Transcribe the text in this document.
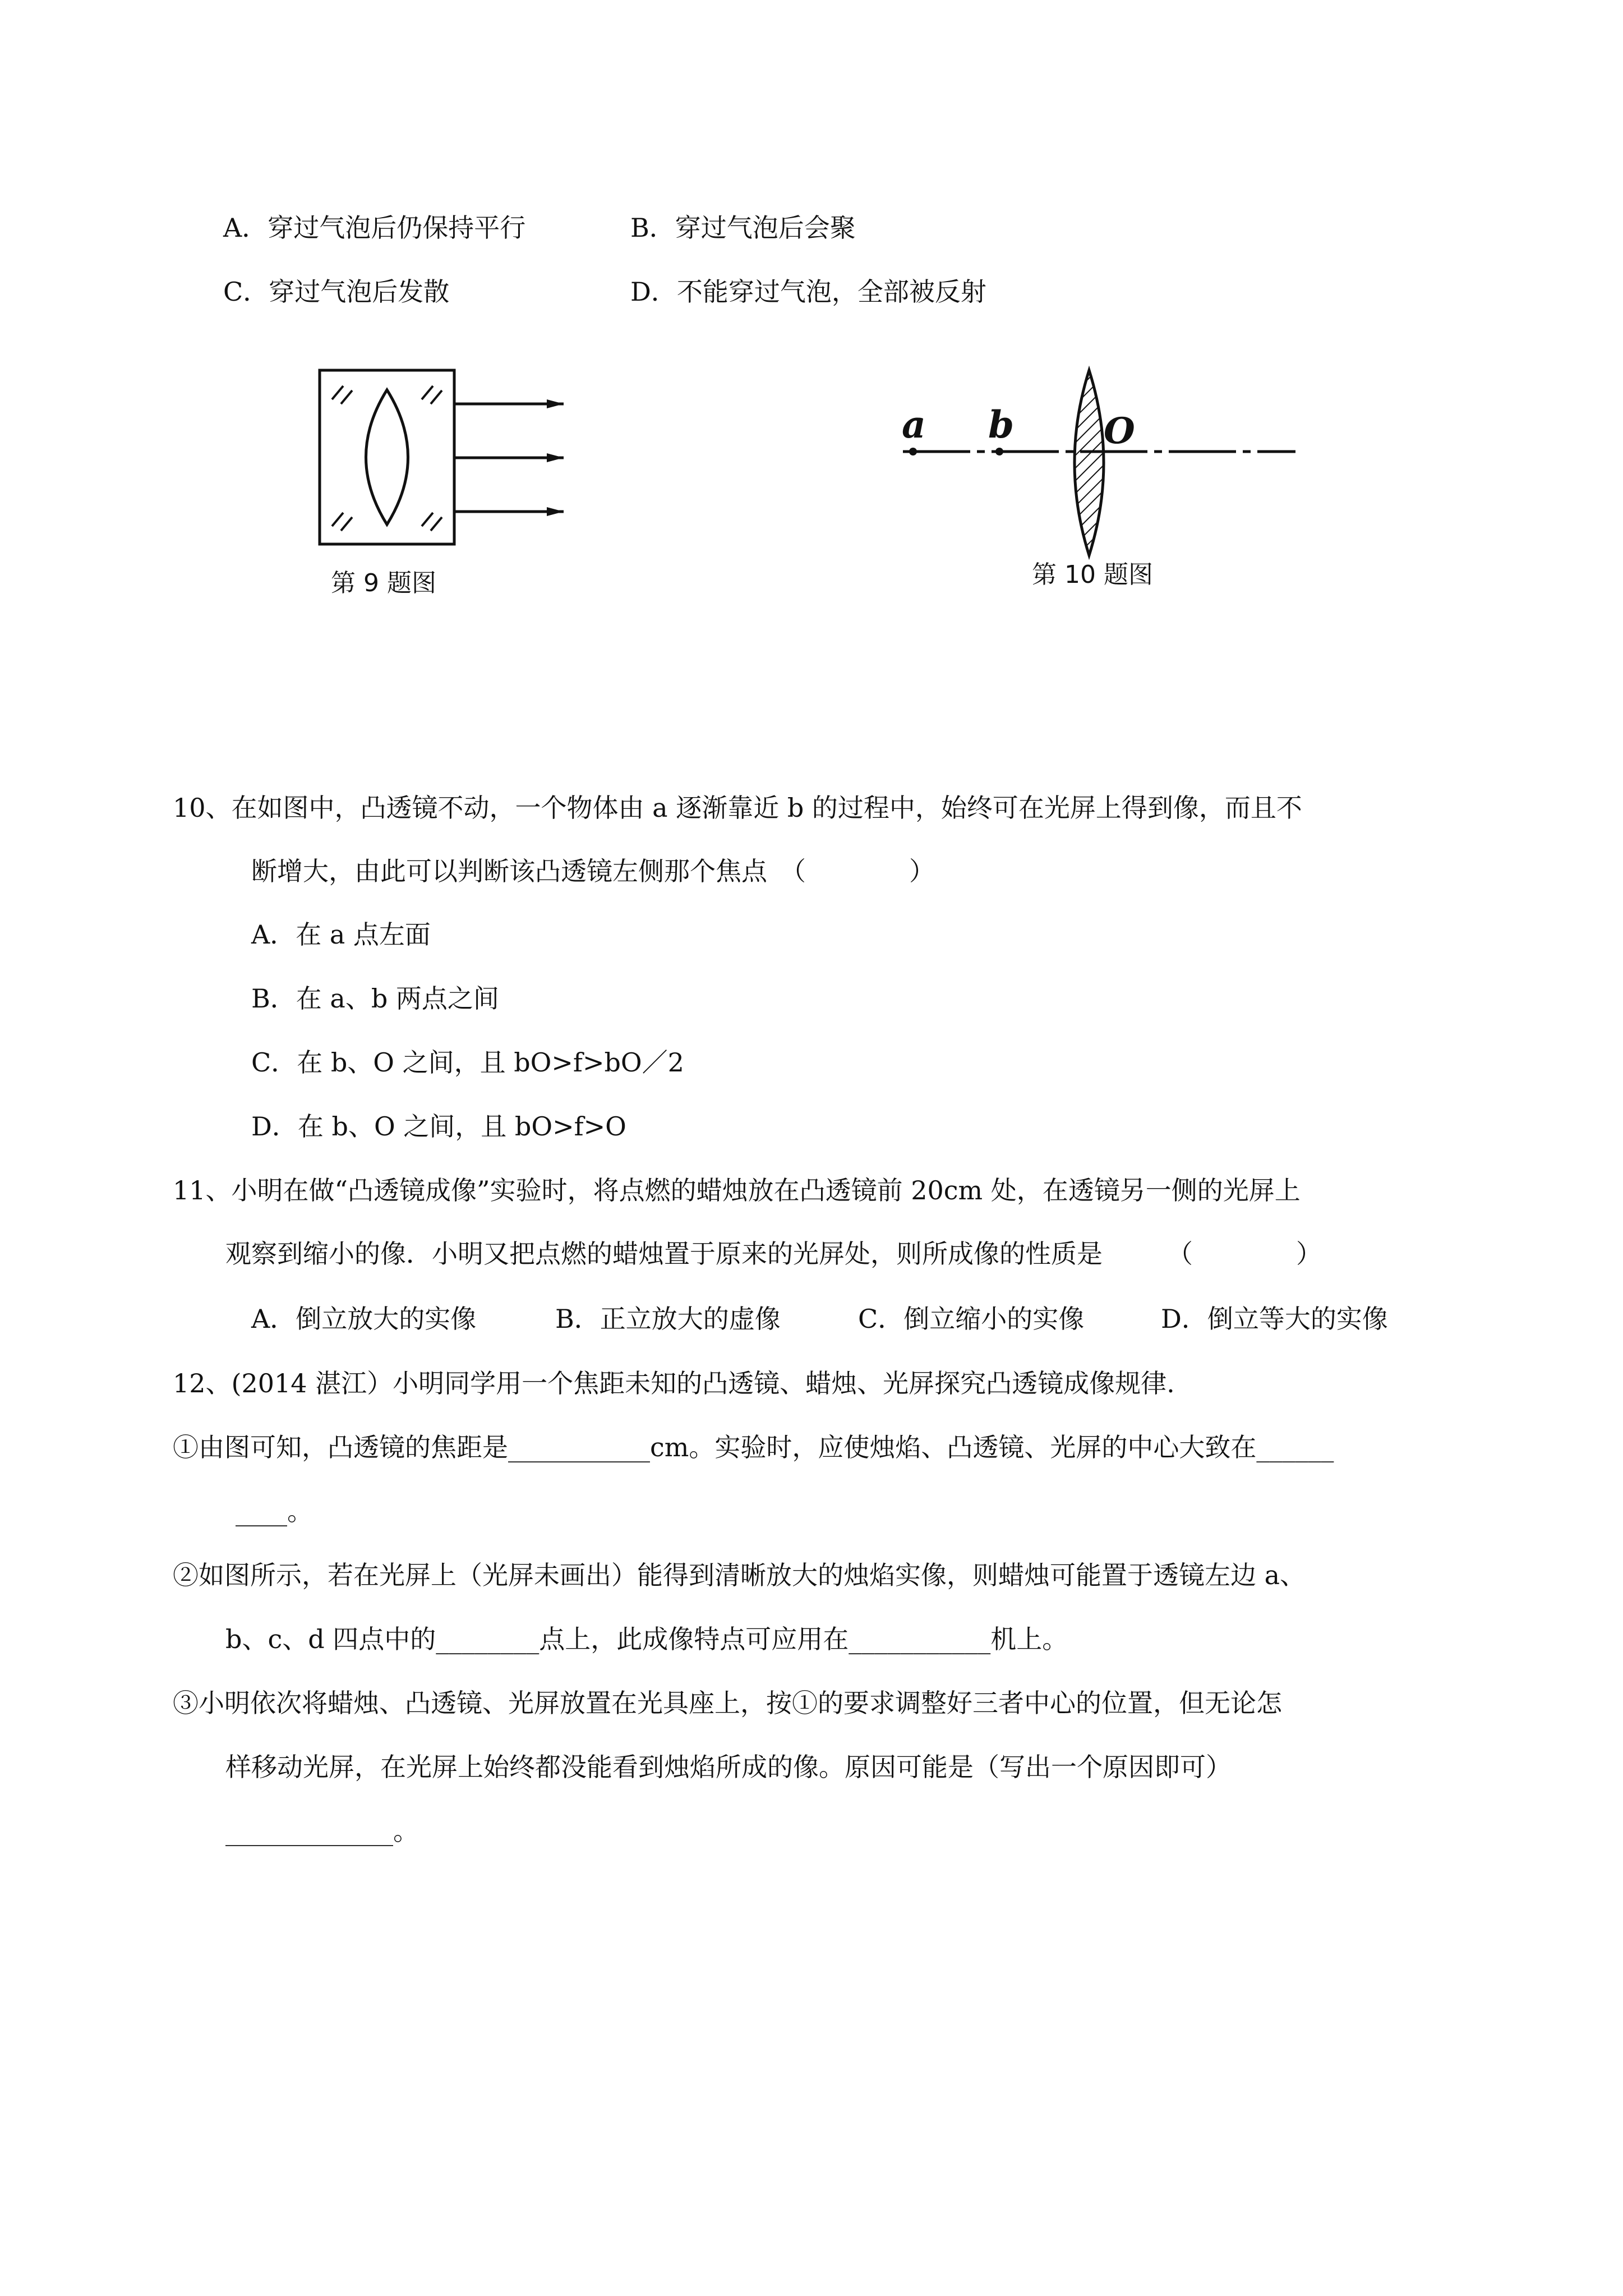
A．穿过气泡后仍保持平行	B．穿过气泡后会聚
C．穿过气泡后发散	D．不能穿过气泡，全部被反射
第 9 题图
a b O
第 10 题图
10、在如图中，凸透镜不动，一个物体由 a 逐渐靠近 b 的过程中，始终可在光屏上得到像，而且不
断增大，由此可以判断该凸透镜左侧那个焦点　（　　　　）
A．在 a 点左面
B．在 a、b 两点之间
C．在 b、O 之间，且 bO>f>bO／2
D．在 b、O 之间，且 bO>f>O
11、小明在做“凸透镜成像”实验时，将点燃的蜡烛放在凸透镜前 20cm 处，在透镜另一侧的光屏上
观察到缩小的像．小明又把点燃的蜡烛置于原来的光屏处，则所成像的性质是　　　（　　　　）
A．倒立放大的实像	B．正立放大的虚像	C．倒立缩小的实像	D．倒立等大的实像
12、(2014 湛江）小明同学用一个焦距未知的凸透镜、蜡烛、光屏探究凸透镜成像规律.
①由图可知，凸透镜的焦距是___________cm。实验时，应使烛焰、凸透镜、光屏的中心大致在______
____。
②如图所示，若在光屏上（光屏未画出）能得到清晰放大的烛焰实像，则蜡烛可能置于透镜左边 a、
b、c、d 四点中的________点上，此成像特点可应用在___________机上。
③小明依次将蜡烛、凸透镜、光屏放置在光具座上，按①的要求调整好三者中心的位置，但无论怎
样移动光屏，在光屏上始终都没能看到烛焰所成的像。原因可能是（写出一个原因即可）
_____________。
